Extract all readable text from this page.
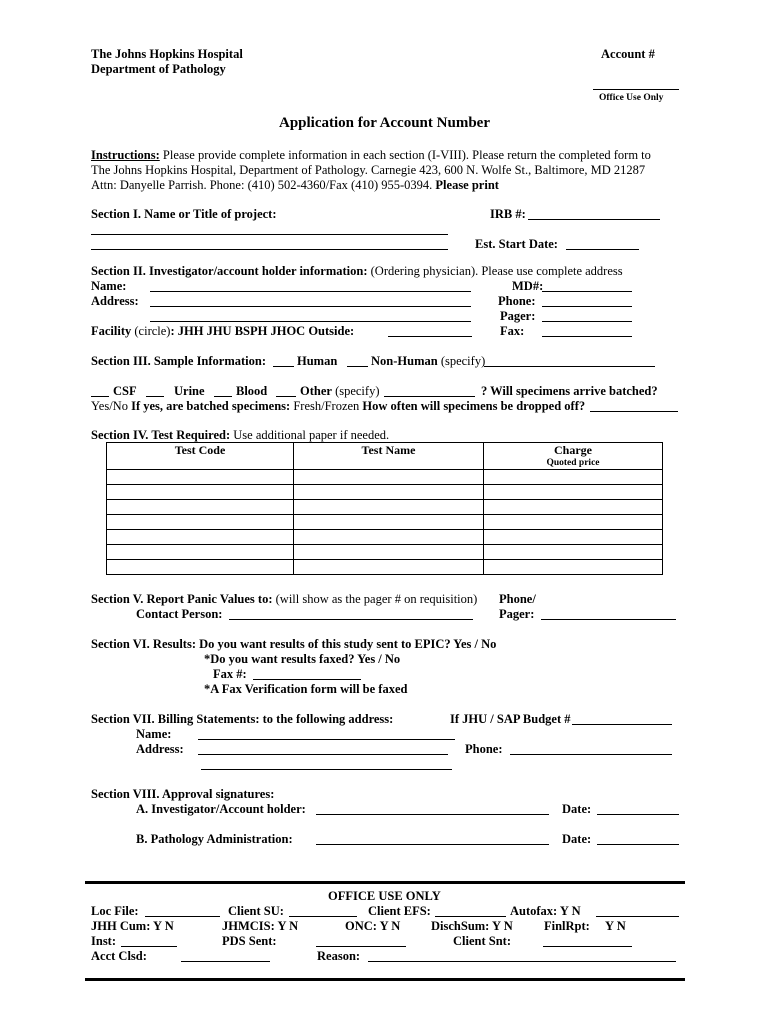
The Johns Hopkins Hospital
Department of Pathology
Account #
Office Use Only
Application for Account Number
Instructions: Please provide complete information in each section (I-VIII). Please return the completed form to
The Johns Hopkins Hospital, Department of Pathology. Carnegie 423, 600 N. Wolfe St., Baltimore, MD 21287
Attn: Danyelle Parrish. Phone: (410) 502-4360/Fax (410) 955-0394. Please print
Section I. Name or Title of project:	IRB #:
Est. Start Date:
Section II. Investigator/account holder information: (Ordering physician). Please use complete address
Name:
Address:
MD#:
Phone:
Pager:
Fax:
Facility (circle): JHH JHU BSPH JHOC Outside:
Section III. Sample Information: Human	Non-Human (specify)
CSF	Urine	Blood	Other (specify)	? Will specimens arrive batched?
Yes/No If yes, are batched specimens: Fresh/Frozen How often will specimens be dropped off?
Section IV. Test Required: Use additional paper if needed.
Test Code	Test Name	Charge
Quoted price

Section V. Report Panic Values to: (will show as the pager # on requisition)
Contact Person:
Phone/
Pager:
Section VI. Results: Do you want results of this study sent to EPIC? Yes / No
*Do you want results faxed? Yes / No
Fax #:
*A Fax Verification form will be faxed
Section VII. Billing Statements: to the following address:	If JHU / SAP Budget #
Name:
Address:	Phone:
Section VIII. Approval signatures:
A. Investigator/Account holder:	Date:
B. Pathology Administration:	Date:
OFFICE USE ONLY
Loc File:	Client SU:	Client EFS:	Autofax: Y N
JHH Cum: Y N	JHMCIS: Y N	ONC: Y N DischSum: Y N	FinlRpt: Y N
Inst:	PDS Sent:	Client Snt:
Acct Clsd:	Reason:
